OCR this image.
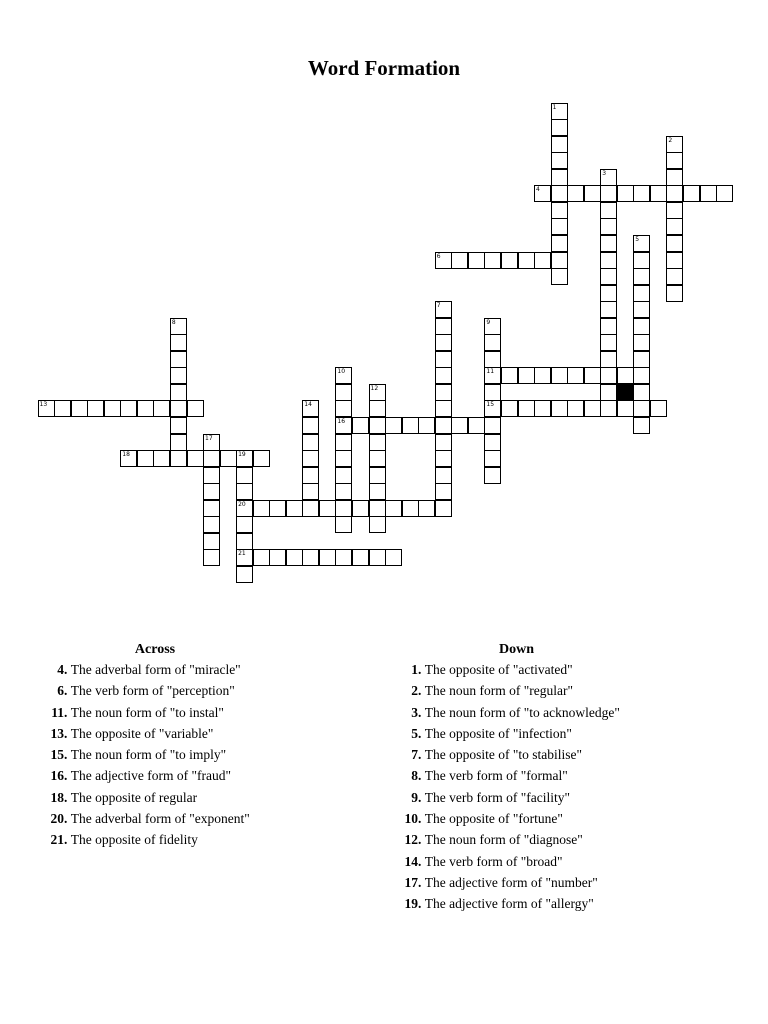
Word Formation
1
2
3
4
5
6
7
8	9
11
15
10
16
12
13	14
17
18	19
20
21
Across
4. The adverbal form of "miracle"
6. The verb form of "perception"
11. The noun form of "to instal"
13. The opposite of "variable"
15. The noun form of "to imply"
16. The adjective form of "fraud"
18. The opposite of regular
20. The adverbal form of "exponent"
21. The opposite of fidelity
Down
1. The opposite of "activated"
2. The noun form of "regular"
3. The noun form of "to acknowledge"
5. The opposite of "infection"
7. The opposite of "to stabilise"
8. The verb form of "formal"
9. The verb form of "facility"
10. The opposite of "fortune"
12. The noun form of "diagnose"
14. The verb form of "broad"
17. The adjective form of "number"
19. The adjective form of "allergy"
